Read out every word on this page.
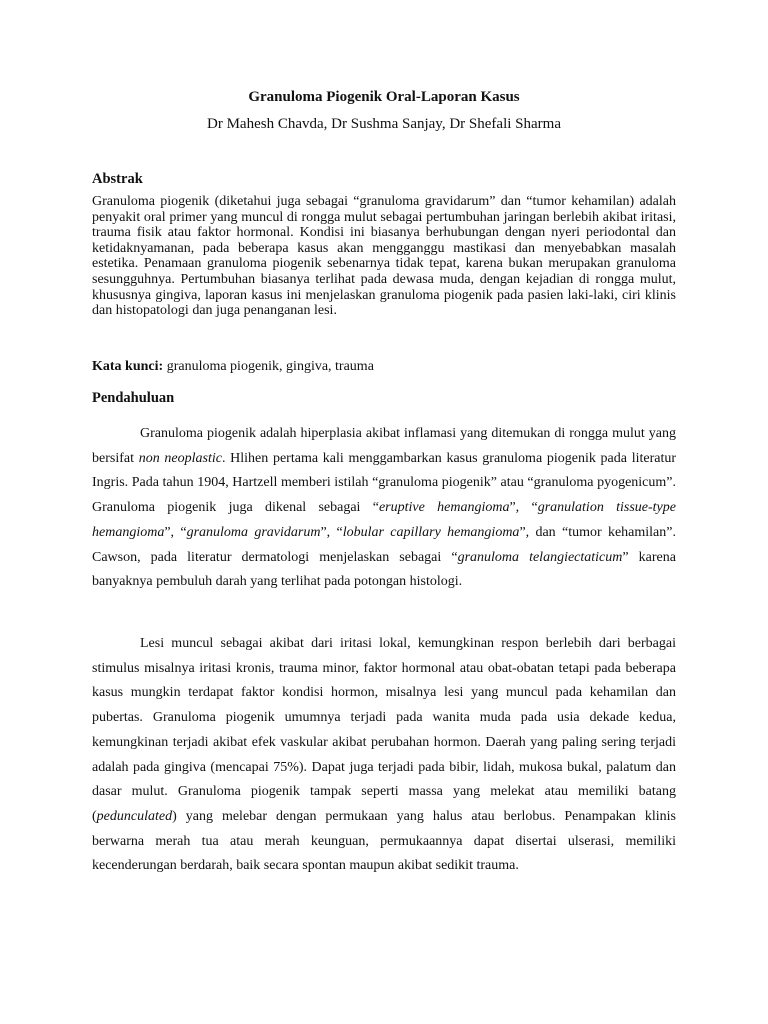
Granuloma Piogenik Oral-Laporan Kasus
Dr Mahesh Chavda, Dr Sushma Sanjay, Dr Shefali Sharma
Abstrak

Granuloma piogenik (diketahui juga sebagai “granuloma gravidarum” dan “tumor kehamilan) adalah penyakit oral primer yang muncul di rongga mulut sebagai pertumbuhan jaringan berlebih akibat iritasi, trauma fisik atau faktor hormonal. Kondisi ini biasanya berhubungan dengan nyeri periodontal dan ketidaknyamanan, pada beberapa kasus akan mengganggu mastikasi dan menyebabkan masalah estetika. Penamaan granuloma piogenik sebenarnya tidak tepat, karena bukan merupakan granuloma sesungguhnya. Pertumbuhan biasanya terlihat pada dewasa muda, dengan kejadian di rongga mulut, khususnya gingiva, laporan kasus ini menjelaskan granuloma piogenik pada pasien laki-laki, ciri klinis dan histopatologi dan juga penanganan lesi.

Kata kunci: granuloma piogenik, gingiva, trauma

Pendahuluan

Granuloma piogenik adalah hiperplasia akibat inflamasi yang ditemukan di rongga mulut yang bersifat non neoplastic. Hlihen pertama kali menggambarkan kasus granuloma piogenik pada literatur Ingris. Pada tahun 1904, Hartzell memberi istilah “granuloma piogenik” atau “granuloma pyogenicum”. Granuloma piogenik juga dikenal sebagai “eruptive hemangioma”, “granulation tissue-type hemangioma”, “granuloma gravidarum”, “lobular capillary hemangioma”, dan “tumor kehamilan”. Cawson, pada literatur dermatologi menjelaskan sebagai “granuloma telangiectaticum” karena banyaknya pembuluh darah yang terlihat pada potongan histologi.

Lesi muncul sebagai akibat dari iritasi lokal, kemungkinan respon berlebih dari berbagai stimulus misalnya iritasi kronis, trauma minor, faktor hormonal atau obat-obatan tetapi pada beberapa kasus mungkin terdapat faktor kondisi hormon, misalnya lesi yang muncul pada kehamilan dan pubertas. Granuloma piogenik umumnya terjadi pada wanita muda pada usia dekade kedua, kemungkinan terjadi akibat efek vaskular akibat perubahan hormon. Daerah yang paling sering terjadi adalah pada gingiva (mencapai 75%). Dapat juga terjadi pada bibir, lidah, mukosa bukal, palatum dan dasar mulut. Granuloma piogenik tampak seperti massa yang melekat atau memiliki batang (pedunculated) yang melebar dengan permukaan yang halus atau berlobus. Penampakan klinis berwarna merah tua atau merah keunguan, permukaannya dapat disertai ulserasi, memiliki kecenderungan berdarah, baik secara spontan maupun akibat sedikit trauma.
